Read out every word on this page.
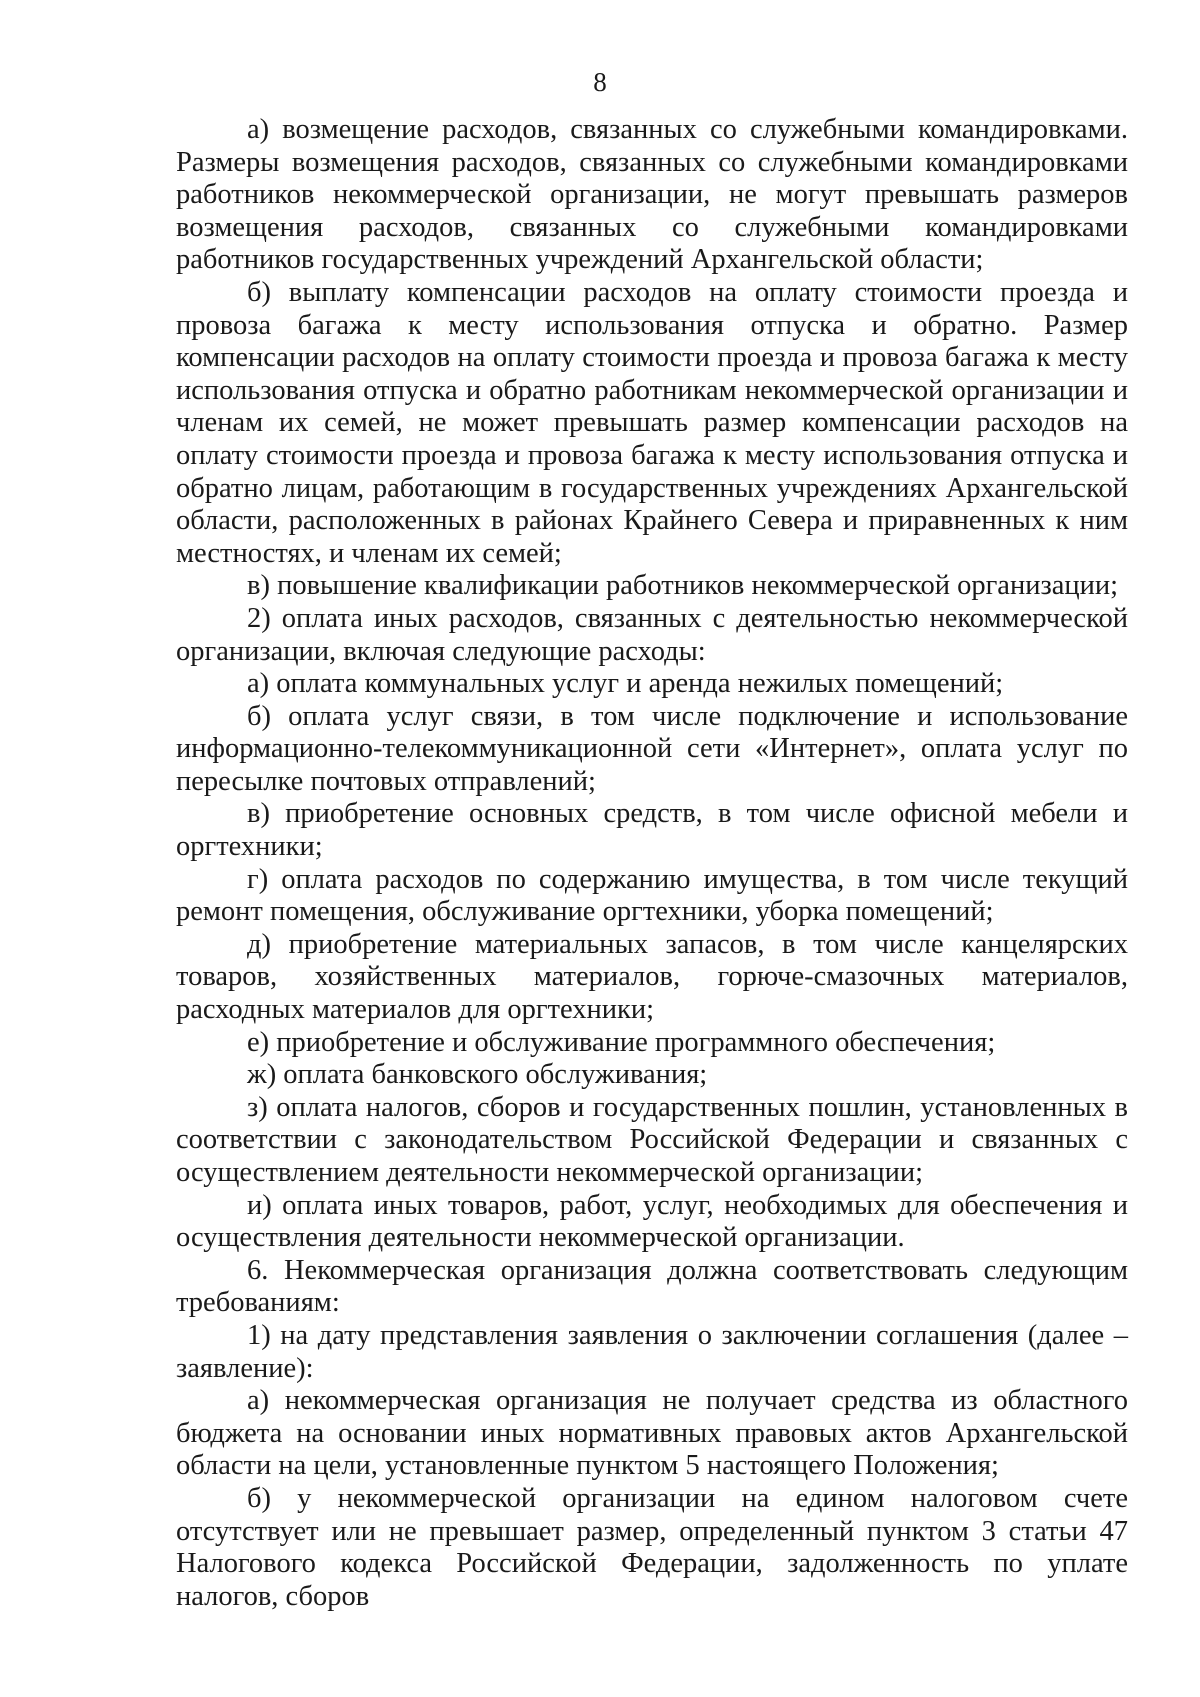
8

а) возмещение расходов, связанных со служебными командировками. Размеры возмещения расходов, связанных со служебными командировками работников некоммерческой организации, не могут превышать размеров возмещения расходов, связанных со служебными командировками работников государственных учреждений Архангельской области;

б) выплату компенсации расходов на оплату стоимости проезда и провоза багажа к месту использования отпуска и обратно. Размер компенсации расходов на оплату стоимости проезда и провоза багажа к месту использования отпуска и обратно работникам некоммерческой организации и членам их семей, не может превышать размер компенсации расходов на оплату стоимости проезда и провоза багажа к месту использования отпуска и обратно лицам, работающим в государственных учреждениях Архангельской области, расположенных в районах Крайнего Севера и приравненных к ним местностях, и членам их семей;

в) повышение квалификации работников некоммерческой организации;

2) оплата иных расходов, связанных с деятельностью некоммерческой организации, включая следующие расходы:

а) оплата коммунальных услуг и аренда нежилых помещений;

б) оплата услуг связи, в том числе подключение и использование информационно-телекоммуникационной сети «Интернет», оплата услуг по пересылке почтовых отправлений;

в) приобретение основных средств, в том числе офисной мебели и оргтехники;

г) оплата расходов по содержанию имущества, в том числе текущий ремонт помещения, обслуживание оргтехники, уборка помещений;

д) приобретение материальных запасов, в том числе канцелярских товаров, хозяйственных материалов, горюче-смазочных материалов, расходных материалов для оргтехники;

е) приобретение и обслуживание программного обеспечения;

ж) оплата банковского обслуживания;

з) оплата налогов, сборов и государственных пошлин, установленных в соответствии с законодательством Российской Федерации и связанных с осуществлением деятельности некоммерческой организации;

и) оплата иных товаров, работ, услуг, необходимых для обеспечения и осуществления деятельности некоммерческой организации.

6. Некоммерческая организация должна соответствовать следующим требованиям:

1) на дату представления заявления о заключении соглашения (далее – заявление):

а) некоммерческая организация не получает средства из областного бюджета на основании иных нормативных правовых актов Архангельской области на цели, установленные пунктом 5 настоящего Положения;

б) у некоммерческой организации на едином налоговом счете отсутствует или не превышает размер, определенный пунктом 3 статьи 47 Налогового кодекса Российской Федерации, задолженность по уплате налогов, сборов
